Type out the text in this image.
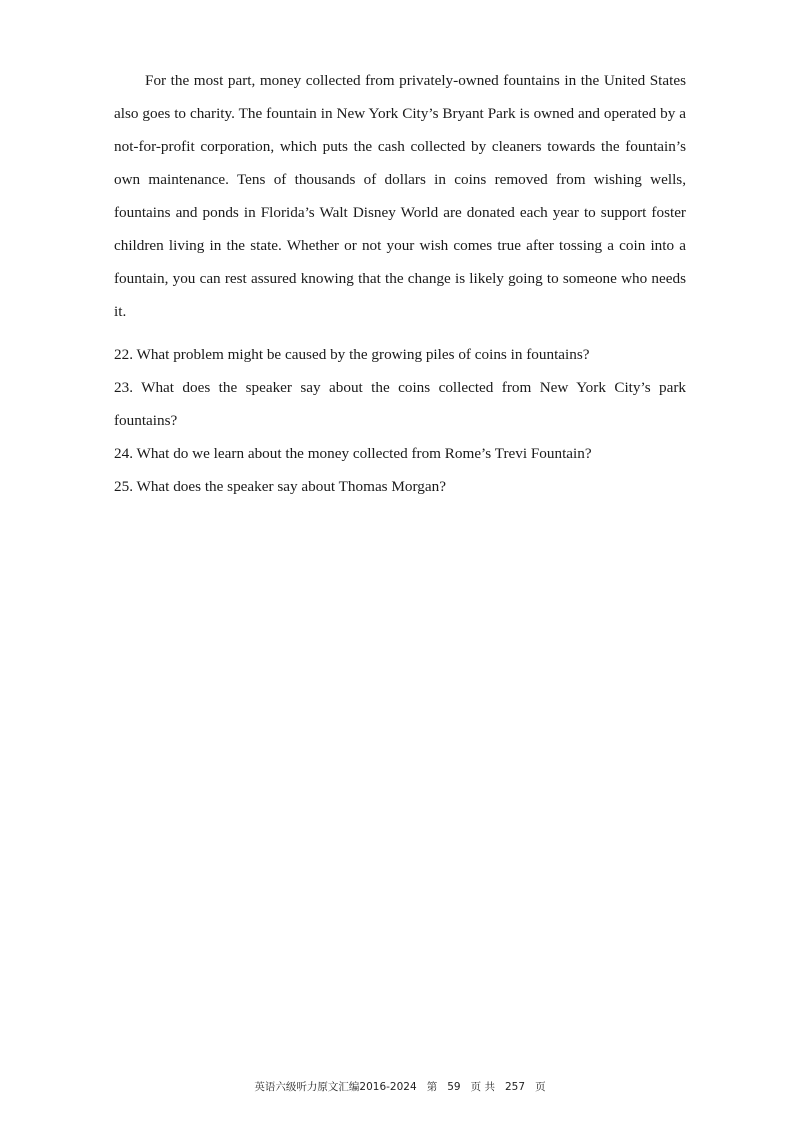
For the most part, money collected from privately-owned fountains in the United States also goes to charity. The fountain in New York City’s Bryant Park is owned and operated by a not-for-profit corporation, which puts the cash collected by cleaners towards the fountain’s own maintenance. Tens of thousands of dollars in coins removed from wishing wells, fountains and ponds in Florida’s Walt Disney World are donated each year to support foster children living in the state. Whether or not your wish comes true after tossing a coin into a fountain, you can rest assured knowing that the change is likely going to someone who needs it.

22. What problem might be caused by the growing piles of coins in fountains?

23. What does the speaker say about the coins collected from New York City’s park fountains?

24. What do we learn about the money collected from Rome’s Trevi Fountain?

25. What does the speaker say about Thomas Morgan?

英语六级听力原文汇编2016-2024 第 59 页 共 257 页
